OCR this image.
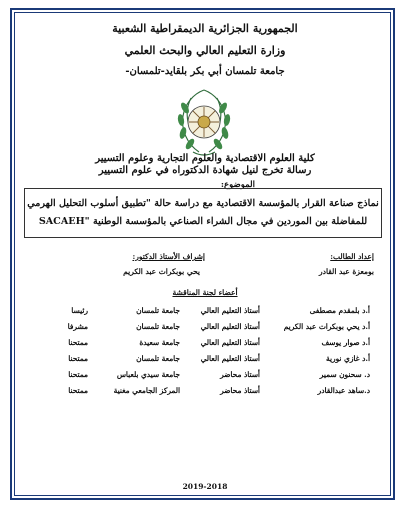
الجمهورية الجزائرية الديمقراطية الشعبية
وزارة التعليم العالي والبحث العلمي
جامعة تلمسان أبي بكر بلقايد-تلمسان-
كلية العلوم الاقتصادية والعلوم التجارية وعلوم التسيير
رسالة تخرج لنيل شهادة الدكتوراه في علوم التسيير
الموضوع:
نماذج صناعة القرار بالمؤسسة الاقتصادية مع دراسة حالة "تطبيق أسلوب التحليل الهرمي
للمفاضلة بين الموردين في مجال الشراء الصناعي بالمؤسسة الوطنية "SACAEH
إعداد الطالب:
بومعزة عبد القادر
إشراف الأستاذ الدكتور:
يحي بوبكرات عبد الكريم
أعضاء لجنة المناقشة
أ.د بلمقدم مصطفى
أستاذ التعليم العالي
جامعة تلمسان
رئيسا
أ.د يحي بوبكرات عبد الكريم
أستاذ التعليم العالي
جامعة تلمسان
مشرفا
أ.د صوار يوسف
أستاذ التعليم العالي
جامعة سعيدة
ممتحنا
أ.د غازي نورية
أستاذ التعليم العالي
جامعة تلمسان
ممتحنا
د. سحنون سمير
أستاذ محاضر
جامعة سيدي بلعباس
ممتحنا
د.ساهد عبدالقادر
أستاذ محاضر
المركز الجامعي مغنية
ممتحنا
2019-2018
